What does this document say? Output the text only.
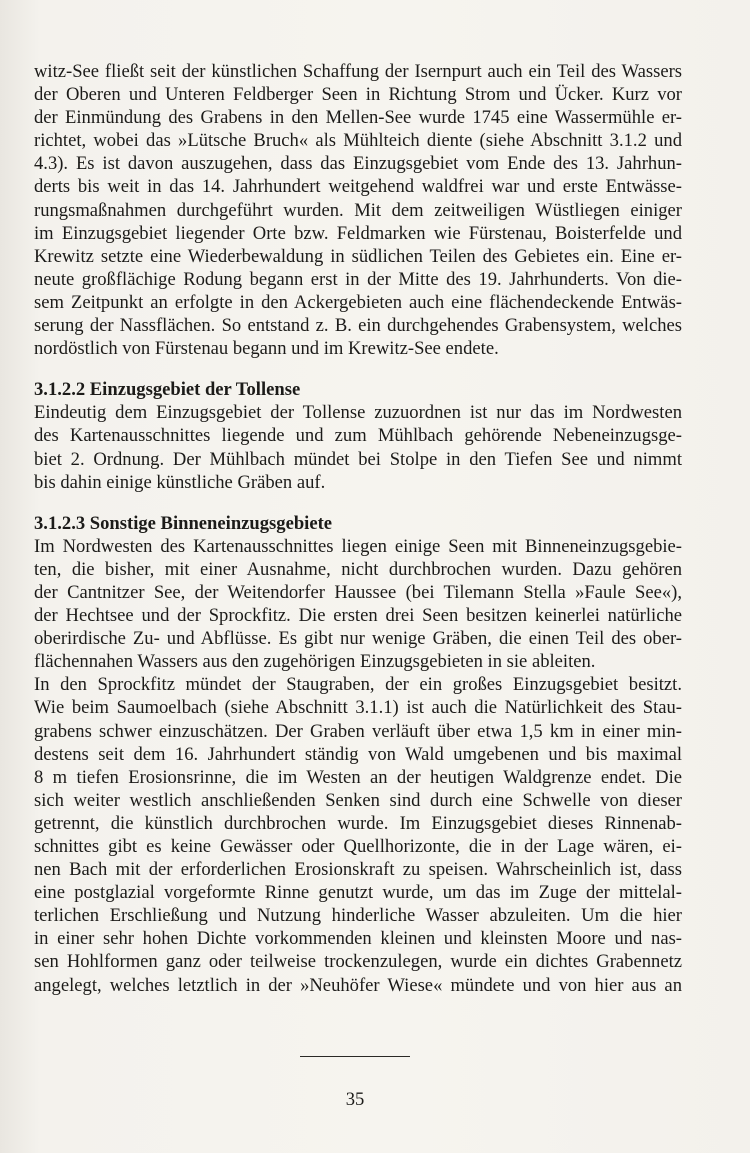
witz-See fließt seit der künstlichen Schaffung der Isernpurt auch ein Teil des Wassers
der Oberen und Unteren Feldberger Seen in Richtung Strom und Ücker. Kurz vor
der Einmündung des Grabens in den Mellen-See wurde 1745 eine Wassermühle er-
richtet, wobei das »Lütsche Bruch« als Mühlteich diente (siehe Abschnitt 3.1.2 und
4.3). Es ist davon auszugehen, dass das Einzugsgebiet vom Ende des 13. Jahrhun-
derts bis weit in das 14. Jahrhundert weitgehend waldfrei war und erste Entwässe-
rungsmaßnahmen durchgeführt wurden. Mit dem zeitweiligen Wüstliegen einiger
im Einzugsgebiet liegender Orte bzw. Feldmarken wie Fürstenau, Boisterfelde und
Krewitz setzte eine Wiederbewaldung in südlichen Teilen des Gebietes ein. Eine er-
neute großflächige Rodung begann erst in der Mitte des 19. Jahrhunderts. Von die-
sem Zeitpunkt an erfolgte in den Ackergebieten auch eine flächendeckende Entwäs-
serung der Nassflächen. So entstand z. B. ein durchgehendes Grabensystem, welches
nordöstlich von Fürstenau begann und im Krewitz-See endete.
3.1.2.2 Einzugsgebiet der Tollense
Eindeutig dem Einzugsgebiet der Tollense zuzuordnen ist nur das im Nordwesten
des Kartenausschnittes liegende und zum Mühlbach gehörende Nebeneinzugsge-
biet 2. Ordnung. Der Mühlbach mündet bei Stolpe in den Tiefen See und nimmt
bis dahin einige künstliche Gräben auf.
3.1.2.3 Sonstige Binneneinzugsgebiete
Im Nordwesten des Kartenausschnittes liegen einige Seen mit Binneneinzugsgebie-
ten, die bisher, mit einer Ausnahme, nicht durchbrochen wurden. Dazu gehören
der Cantnitzer See, der Weitendorfer Haussee (bei Tilemann Stella »Faule See«),
der Hechtsee und der Sprockfitz. Die ersten drei Seen besitzen keinerlei natürliche
oberirdische Zu- und Abflüsse. Es gibt nur wenige Gräben, die einen Teil des ober-
flächennahen Wassers aus den zugehörigen Einzugsgebieten in sie ableiten.
In den Sprockfitz mündet der Staugraben, der ein großes Einzugsgebiet besitzt.
Wie beim Saumoelbach (siehe Abschnitt 3.1.1) ist auch die Natürlichkeit des Stau-
grabens schwer einzuschätzen. Der Graben verläuft über etwa 1,5 km in einer min-
destens seit dem 16. Jahrhundert ständig von Wald umgebenen und bis maximal
8 m tiefen Erosionsrinne, die im Westen an der heutigen Waldgrenze endet. Die
sich weiter westlich anschließenden Senken sind durch eine Schwelle von dieser
getrennt, die künstlich durchbrochen wurde. Im Einzugsgebiet dieses Rinnenab-
schnittes gibt es keine Gewässer oder Quellhorizonte, die in der Lage wären, ei-
nen Bach mit der erforderlichen Erosionskraft zu speisen. Wahrscheinlich ist, dass
eine postglazial vorgeformte Rinne genutzt wurde, um das im Zuge der mittelal-
terlichen Erschließung und Nutzung hinderliche Wasser abzuleiten. Um die hier
in einer sehr hohen Dichte vorkommenden kleinen und kleinsten Moore und nas-
sen Hohlformen ganz oder teilweise trockenzulegen, wurde ein dichtes Grabennetz
angelegt, welches letztlich in der »Neuhöfer Wiese« mündete und von hier aus an
35
